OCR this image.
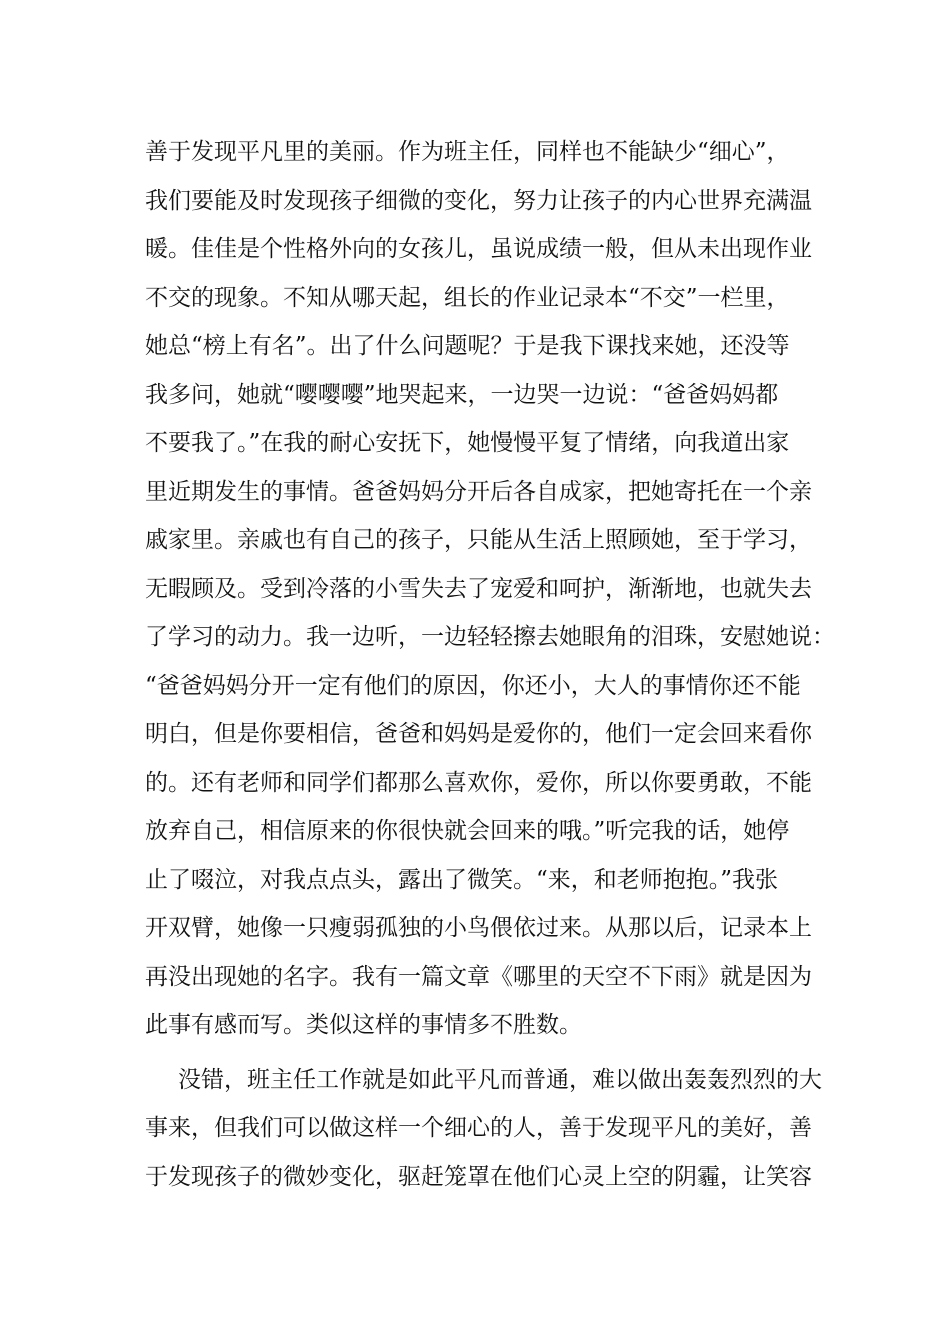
善于发现平凡里的美丽。作为班主任，同样也不能缺少“细心”，
我们要能及时发现孩子细微的变化，努力让孩子的内心世界充满温
暖。佳佳是个性格外向的女孩儿，虽说成绩一般，但从未出现作业
不交的现象。不知从哪天起，组长的作业记录本“不交”一栏里，
她总“榜上有名”。出了什么问题呢？于是我下课找来她，还没等
我多问，她就“嘤嘤嘤”地哭起来，一边哭一边说：“爸爸妈妈都
不要我了。”在我的耐心安抚下，她慢慢平复了情绪，向我道出家
里近期发生的事情。爸爸妈妈分开后各自成家，把她寄托在一个亲
戚家里。亲戚也有自己的孩子，只能从生活上照顾她，至于学习，
无暇顾及。受到冷落的小雪失去了宠爱和呵护，渐渐地，也就失去
了学习的动力。我一边听，一边轻轻擦去她眼角的泪珠，安慰她说：
“爸爸妈妈分开一定有他们的原因，你还小，大人的事情你还不能
明白，但是你要相信，爸爸和妈妈是爱你的，他们一定会回来看你
的。还有老师和同学们都那么喜欢你，爱你，所以你要勇敢，不能
放弃自己，相信原来的你很快就会回来的哦。”听完我的话，她停
止了啜泣，对我点点头，露出了微笑。“来，和老师抱抱。”我张
开双臂，她像一只瘦弱孤独的小鸟偎依过来。从那以后，记录本上
再没出现她的名字。我有一篇文章《哪里的天空不下雨》就是因为
此事有感而写。类似这样的事情多不胜数。
没错，班主任工作就是如此平凡而普通，难以做出轰轰烈烈的大
事来，但我们可以做这样一个细心的人，善于发现平凡的美好，善
于发现孩子的微妙变化，驱赶笼罩在他们心灵上空的阴霾，让笑容
